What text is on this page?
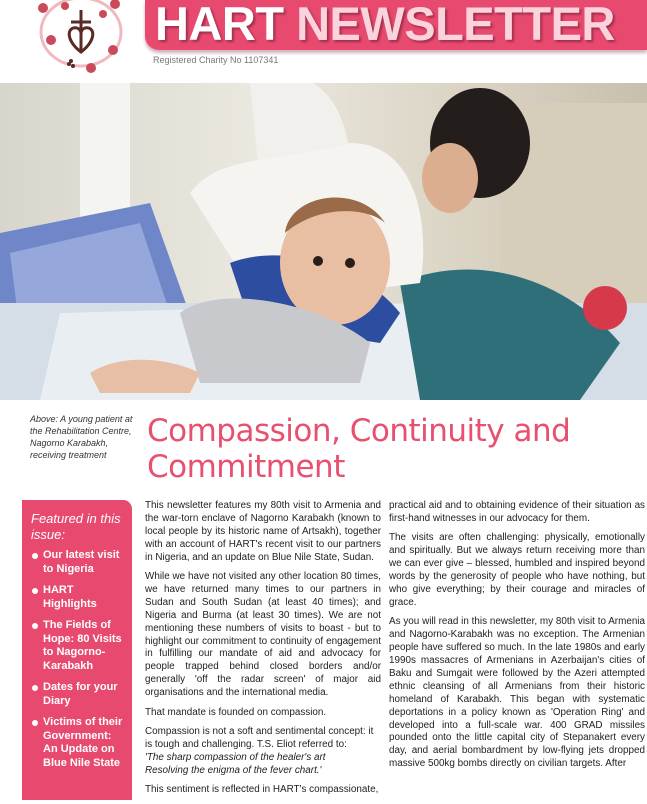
HART NEWSLETTER
Registered Charity No 1107341
Above: A young patient at the Rehabilitation Centre, Nagorno Karabakh, receiving treatment
Featured in this issue:
Our latest visit to Nigeria
HART Highlights
The Fields of Hope: 80 Visits to Nagorno-Karabakh
Dates for your Diary
Victims of their Government: An Update on Blue Nile State
Compassion, Continuity and Commitment

This newsletter features my 80th visit to Armenia and the war-torn enclave of Nagorno Karabakh (known to local people by its historic name of Artsakh), together with an account of HART's recent visit to our partners in Nigeria, and an update on Blue Nile State, Sudan.

While we have not visited any other location 80 times, we have returned many times to our partners in Sudan and South Sudan (at least 40 times); and Nigeria and Burma (at least 30 times). We are not mentioning these numbers of visits to boast - but to highlight our commitment to continuity of engagement in fulfilling our mandate of aid and advocacy for people trapped behind closed borders and/or generally 'off the radar screen' of major aid organisations and the international media.

That mandate is founded on compassion.

Compassion is not a soft and sentimental concept: it is tough and challenging. T.S. Eliot referred to:

'The sharp compassion of the healer's art
Resolving the enigma of the fever chart.'

This sentiment is reflected in HART's compassionate,

practical aid and to obtaining evidence of their situation as first-hand witnesses in our advocacy for them.

The visits are often challenging: physically, emotionally and spiritually. But we always return receiving more than we can ever give – blessed, humbled and inspired beyond words by the generosity of people who have nothing, but who give everything; by their courage and miracles of grace.

As you will read in this newsletter, my 80th visit to Armenia and Nagorno-Karabakh was no exception. The Armenian people have suffered so much. In the late 1980s and early 1990s massacres of Armenians in Azerbaijan's cities of Baku and Sumgait were followed by the Azeri attempted ethnic cleansing of all Armenians from their historic homeland of Karabakh. This began with systematic deportations in a policy known as 'Operation Ring' and developed into a full-scale war. 400 GRAD missiles pounded onto the little capital city of Stepanakert every day, and aerial bombardment by low-flying jets dropped massive 500kg bombs directly on civilian targets. After
